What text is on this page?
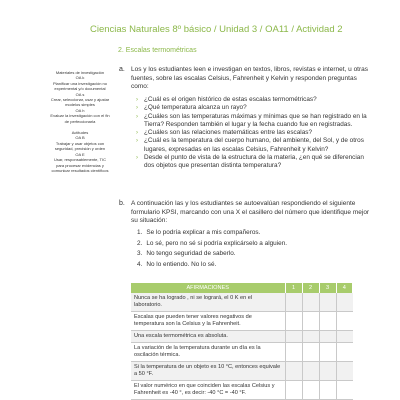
Ciencias Naturales 8º básico / Unidad 3 / OA11 / Actividad 2
2. Escalas termométricas
Materiales de investigación
OA k
Planificar una investigación no experimental y/o documental
OA s
Crear, seleccionar, usar y ajustar modelos simples
OA h
Evaluar la investigación con el fin de perfeccionarla
Actitudes
OA B
Trabajar y usar objetos con seguridad, precisión y orden
OA E
Usar, responsablemente, TIC para procesar evidencias y comunicar resultados científicos
a. Los y los estudiantes leen e investigan en textos, libros, revistas e internet, u otras fuentes, sobre las escalas Celsius, Fahrenheit y Kelvin y responden preguntas como:
› ¿Cuál es el origen histórico de estas escalas termométricas?
› ¿Qué temperatura alcanza un rayo?
› ¿Cuáles son las temperaturas máximas y mínimas que se han registrado en la Tierra? Responden también el lugar y la fecha cuando fue en registradas.
› ¿Cuáles son las relaciones matemáticas entre las escalas?
› ¿Cuál es la temperatura del cuerpo humano, del ambiente, del Sol, y de otros lugares, expresadas en las escalas Celsius, Fahrenheit y Kelvin?
› Desde el punto de vista de la estructura de la materia, ¿en qué se diferencian dos objetos que presentan distinta temperatura?
b. A continuación las y los estudiantes se autoevalúan respondiendo el siguiente formulario KPSI, marcando con una X el casillero del número que identifique mejor su situación:
1. Se lo podría explicar a mis compañeros.
2. Lo sé, pero no sé si podría explicárselo a alguien.
3. No tengo seguridad de saberlo.
4. No lo entiendo. No lo sé.
AFIRMACIONES	1	2	3	4
Nunca se ha logrado , ni se logrará, el 0 K en el laboratorio.				
Escalas que pueden tener valores negativos de temperatura son la Celsius y la Fahrenheit.				
Una escala termométrica es absoluta.				
La variación de la temperatura durante un día es la oscilación térmica.				
Si la temperatura de un objeto es 10 °C, entonces equivale a 50 °F.				
El valor numérico en que coinciden las escalas Celsius y Fahrenheit es -40 °, es decir: -40 °C = -40 °F.				
